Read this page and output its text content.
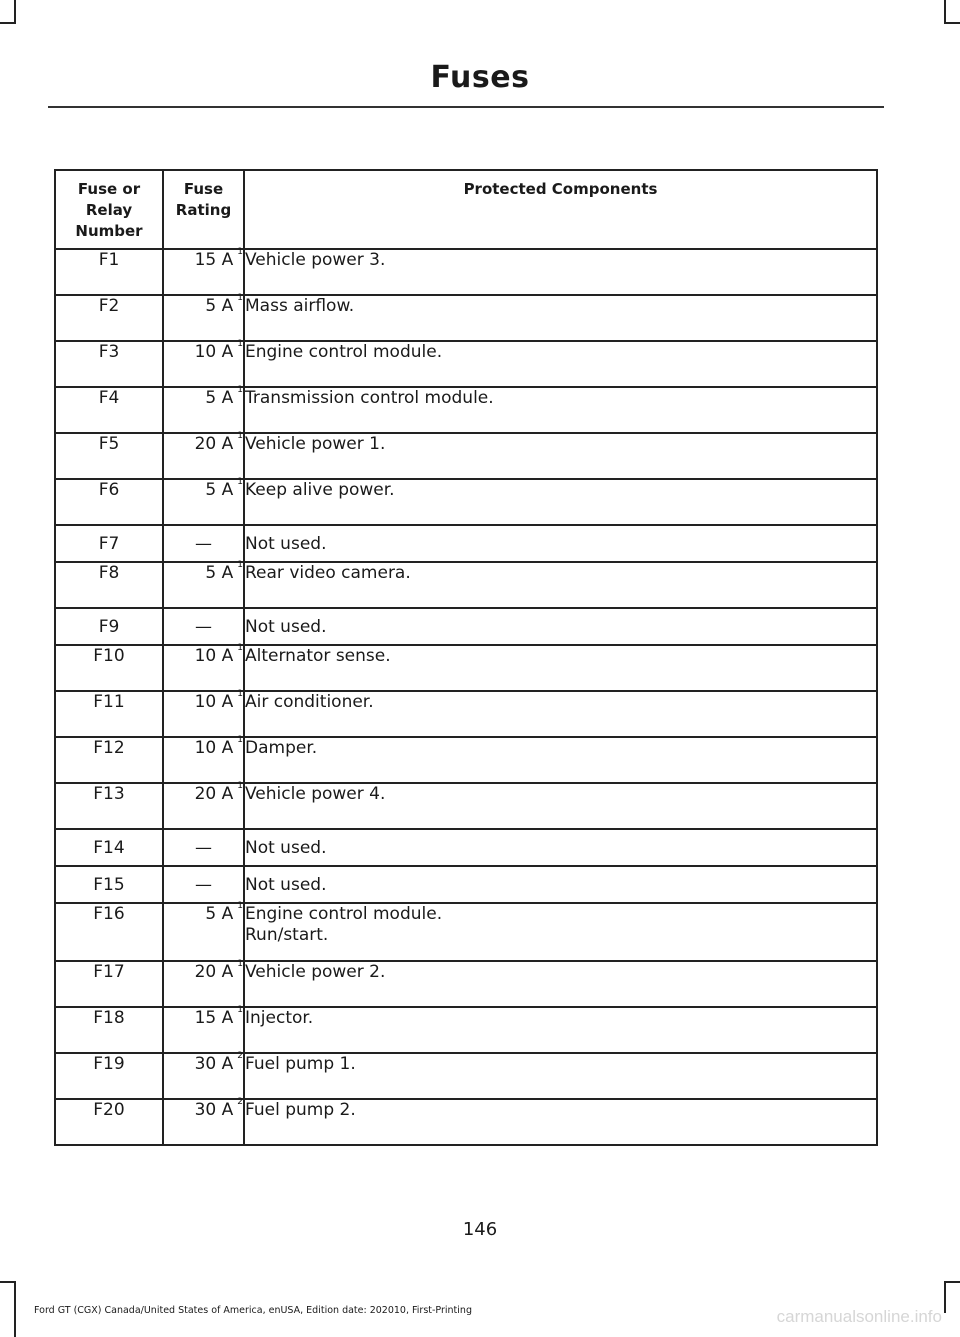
Fuses
Fuse or Relay Number	Fuse Rating	Protected Components
F1	15 A $^1$	Vehicle power 3.

F2	5 A $^1$	Mass airflow.

F3	10 A $^1$	Engine control module.

F4	5 A $^1$	Transmission control module.

F5	20 A $^1$	Vehicle power 1.

F6	5 A $^1$	Keep alive power.

F7	—	Not used.

F8	5 A $^1$	Rear video camera.

F9	—	Not used.

F10	10 A $^1$	Alternator sense.

F11	10 A $^1$	Air conditioner.

F12	10 A $^1$	Damper.

F13	20 A $^1$	Vehicle power 4.

F14	—	Not used.

F15	—	Not used.

F16	5 A $^1$	Engine control module.
Run/start.

F17	20 A $^1$	Vehicle power 2.

F18	15 A $^1$	Injector.

F19	30 A $^2$	Fuel pump 1.

F20	30 A $^2$	Fuel pump 2.
146
Ford GT (CGX) Canada/United States of America, enUSA, Edition date: 202010, First-Printing	carmanualsonline.info
